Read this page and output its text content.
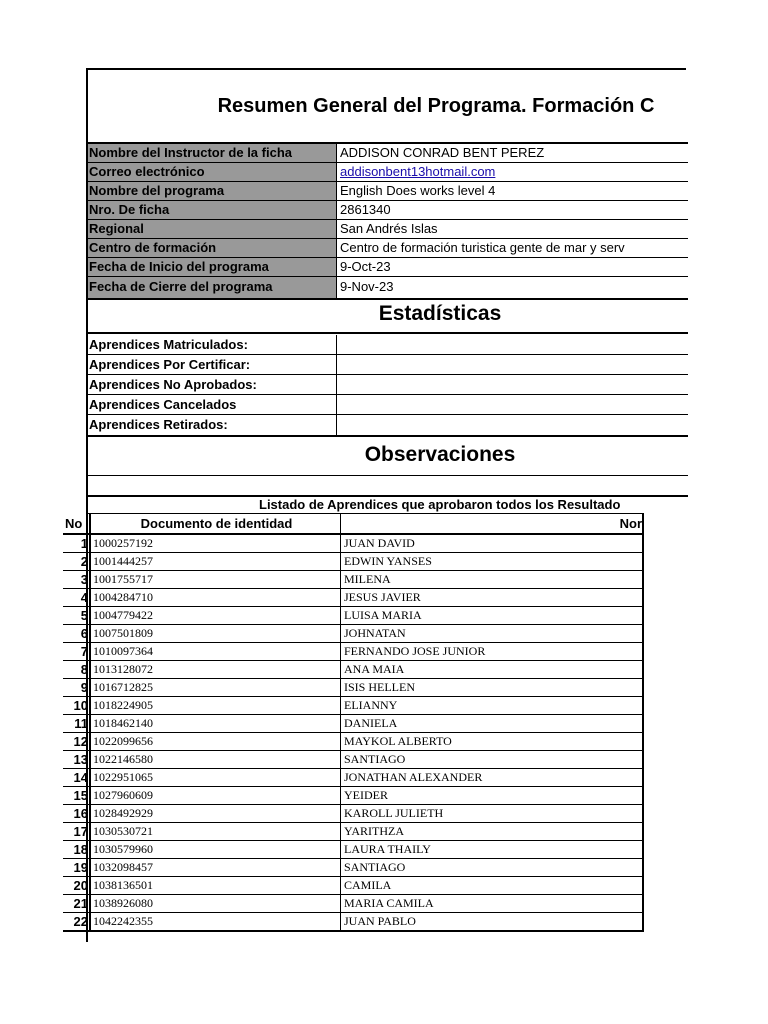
Resumen General del Programa. Formación C
Nombre del Instructor de la ficha	ADDISON CONRAD BENT PEREZ
Correo electrónico	addisonbent13hotmail.com
Nombre del programa	English Does works level 4
Nro. De ficha	2861340
Regional	San Andrés Islas
Centro de formación	Centro de formación turistica gente de mar y serv
Fecha de Inicio del programa	9-Oct-23
Fecha de Cierre del programa	9-Nov-23
Estadísticas
Aprendices Matriculados:
Aprendices Por Certificar:
Aprendices No Aprobados:
Aprendices Cancelados
Aprendices Retirados:
Observaciones
Listado de Aprendices que aprobaron todos los Resultado
No	Documento de identidad	Nor
1	1000257192	JUAN DAVID
2	1001444257	EDWIN YANSES
3	1001755717	MILENA
4	1004284710	JESUS JAVIER
5	1004779422	LUISA MARIA
6	1007501809	JOHNATAN
7	1010097364	FERNANDO JOSE JUNIOR
8	1013128072	ANA MAIA
9	1016712825	ISIS HELLEN
10	1018224905	ELIANNY
11	1018462140	DANIELA
12	1022099656	MAYKOL ALBERTO
13	1022146580	SANTIAGO
14	1022951065	JONATHAN ALEXANDER
15	1027960609	YEIDER
16	1028492929	KAROLL JULIETH
17	1030530721	YARITHZA
18	1030579960	LAURA THAILY
19	1032098457	SANTIAGO
20	1038136501	CAMILA
21	1038926080	MARIA CAMILA
22	1042242355	JUAN PABLO
